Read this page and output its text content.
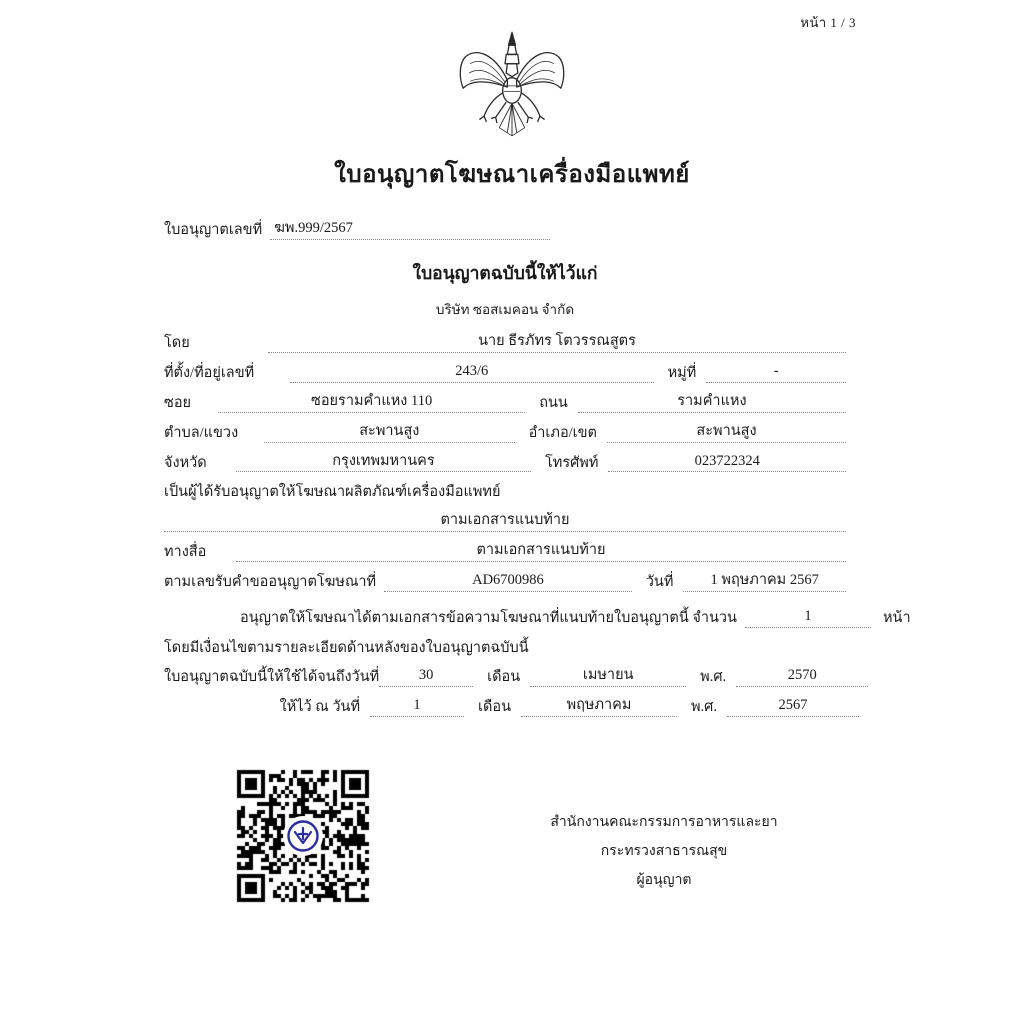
หน้า 1 / 3
ใบอนุญาตโฆษณาเครื่องมือแพทย์
ใบอนุญาตเลขที่ ฆพ.999/2567
ใบอนุญาตฉบับนี้ให้ไว้แก่
บริษัท ซอสเมคอน จำกัด
โดย	นาย ธีรภัทร โตวรรณสูตร
ที่ตั้ง/ที่อยู่เลขที่	243/6	หมู่ที่	-
ซอย	ซอยรามคำแหง 110	ถนน	รามคำแหง
ตำบล/แขวง	สะพานสูง	อำเภอ/เขต	สะพานสูง
จังหวัด	กรุงเทพมหานคร	โทรศัพท์	023722324
เป็นผู้ได้รับอนุญาตให้โฆษณาผลิตภัณฑ์เครื่องมือแพทย์
ตามเอกสารแนบท้าย
ทางสื่อ	ตามเอกสารแนบท้าย
ตามเลขรับคำขออนุญาตโฆษณาที่	AD6700986	วันที่	1 พฤษภาคม 2567
อนุญาตให้โฆษณาได้ตามเอกสารข้อความโฆษณาที่แนบท้ายใบอนุญาตนี้ จำนวน	1	หน้า
โดยมีเงื่อนไขตามรายละเอียดด้านหลังของใบอนุญาตฉบับนี้
ใบอนุญาตฉบับนี้ให้ใช้ได้จนถึงวันที่	30	เดือน	เมษายน	พ.ศ.	2570
ให้ไว้ ณ วันที่	1	เดือน	พฤษภาคม	พ.ศ.	2567
สำนักงานคณะกรรมการอาหารและยา
กระทรวงสาธารณสุข
ผู้อนุญาต
